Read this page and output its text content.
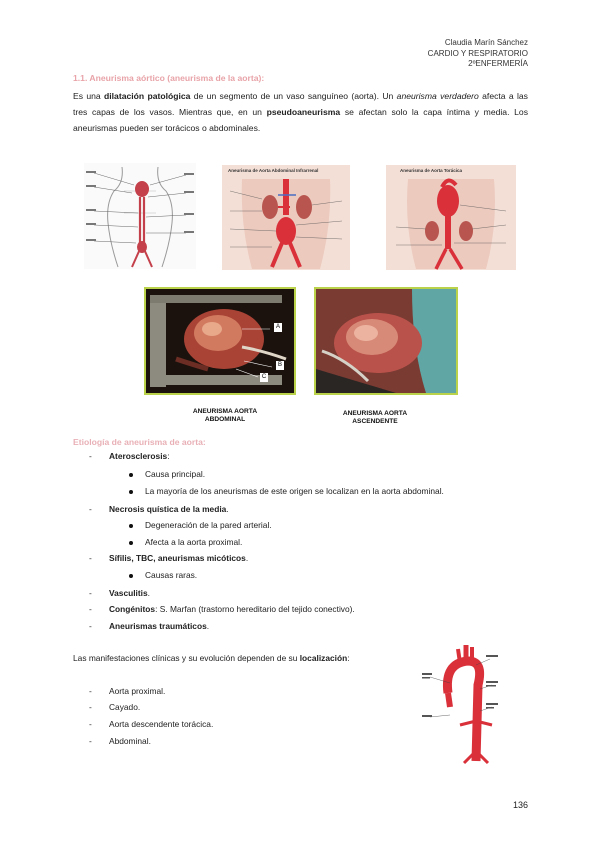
Claudia Marín Sánchez
CARDIO Y RESPIRATORIO
2ºENFERMERÍA
1.1. Aneurisma aórtico (aneurisma de la aorta):
Es una dilatación patológica de un segmento de un vaso sanguíneo (aorta). Un aneurisma verdadero afecta a las tres capas de los vasos. Mientras que, en un pseudoaneurisma se afectan solo la capa íntima y media. Los aneurismas pueden ser torácicos o abdominales.
Aneurisma de Aorta Abdominal Infrarrenal	Aneurisma de Aorta Torácica
A
B
C
ANEURISMA AORTA ABDOMINAL
ANEURISMA AORTA ASCENDENTE
Etiología de aneurisma de aorta:
- Aterosclerosis:
Causa principal.
La mayoría de los aneurismas de este origen se localizan en la aorta abdominal.
- Necrosis quística de la media.
Degeneración de la pared arterial.
Afecta a la aorta proximal.
- Sífilis, TBC, aneurismas micóticos.
Causas raras.
- Vasculitis.
- Congénitos: S. Marfan (trastorno hereditario del tejido conectivo).
- Aneurismas traumáticos.
Las manifestaciones clínicas y su evolución dependen de su localización:
- Aorta proximal.
- Cayado.
- Aorta descendente torácica.
- Abdominal.
136
